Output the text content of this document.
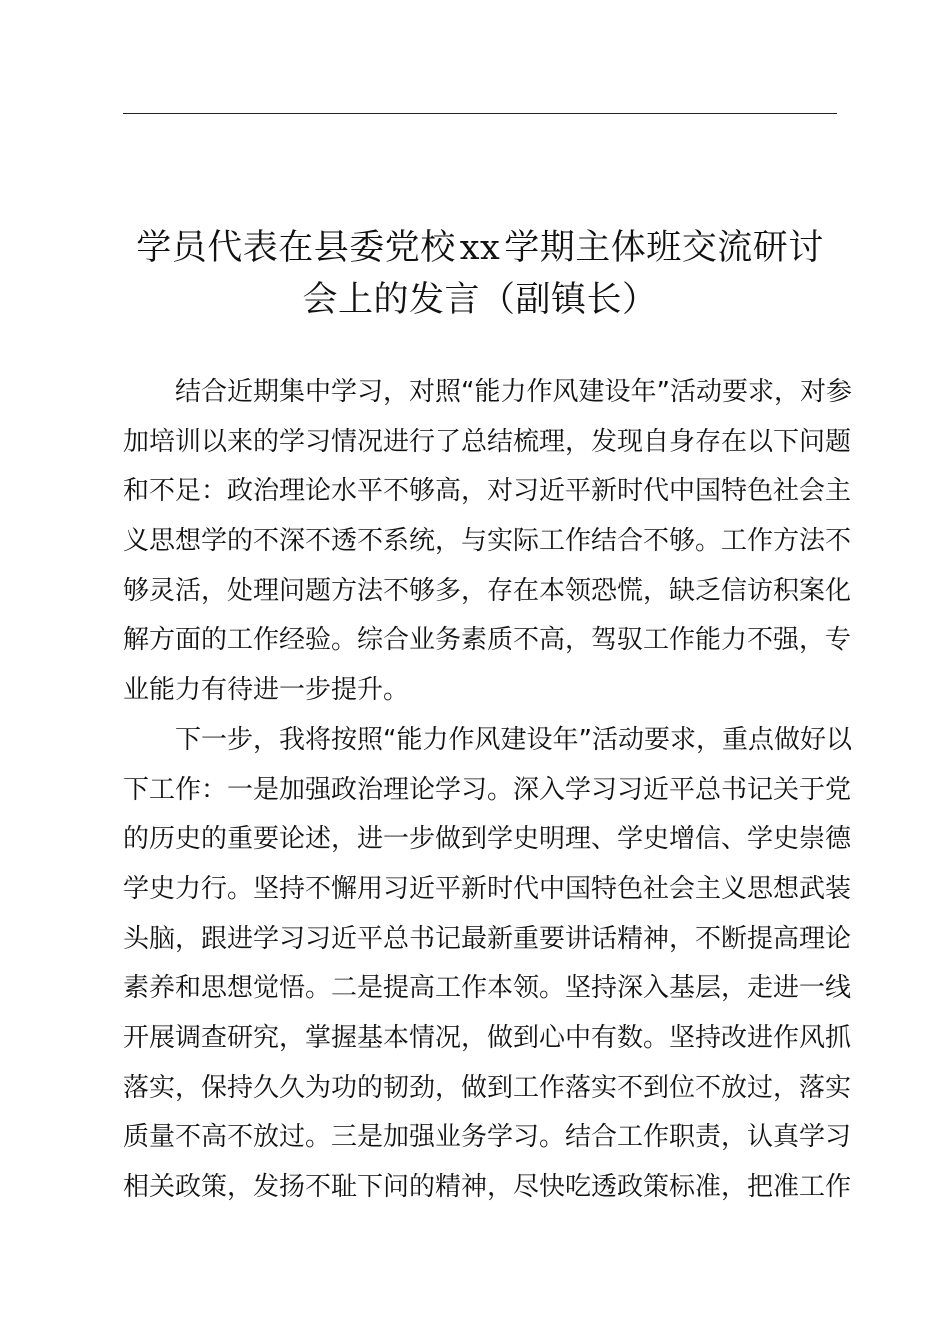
学员代表在县委党校 xx 学期主体班交流研讨
会上的发言（副镇长）
结合近期集中学习，对照“能力作风建设年”活动要求，对参
加培训以来的学习情况进行了总结梳理，发现自身存在以下问题
和不足：政治理论水平不够高，对习近平新时代中国特色社会主
义思想学的不深不透不系统，与实际工作结合不够。工作方法不
够灵活，处理问题方法不够多，存在本领恐慌，缺乏信访积案化
解方面的工作经验。综合业务素质不高，驾驭工作能力不强，专
业能力有待进一步提升。
下一步，我将按照“能力作风建设年”活动要求，重点做好以
下工作：一是加强政治理论学习。深入学习习近平总书记关于党
的历史的重要论述，进一步做到学史明理、学史增信、学史崇德
学史力行。坚持不懈用习近平新时代中国特色社会主义思想武装
头脑，跟进学习习近平总书记最新重要讲话精神，不断提高理论
素养和思想觉悟。二是提高工作本领。坚持深入基层，走进一线
开展调查研究，掌握基本情况，做到心中有数。坚持改进作风抓
落实，保持久久为功的韧劲，做到工作落实不到位不放过，落实
质量不高不放过。三是加强业务学习。结合工作职责，认真学习
相关政策，发扬不耻下问的精神，尽快吃透政策标准，把准工作
